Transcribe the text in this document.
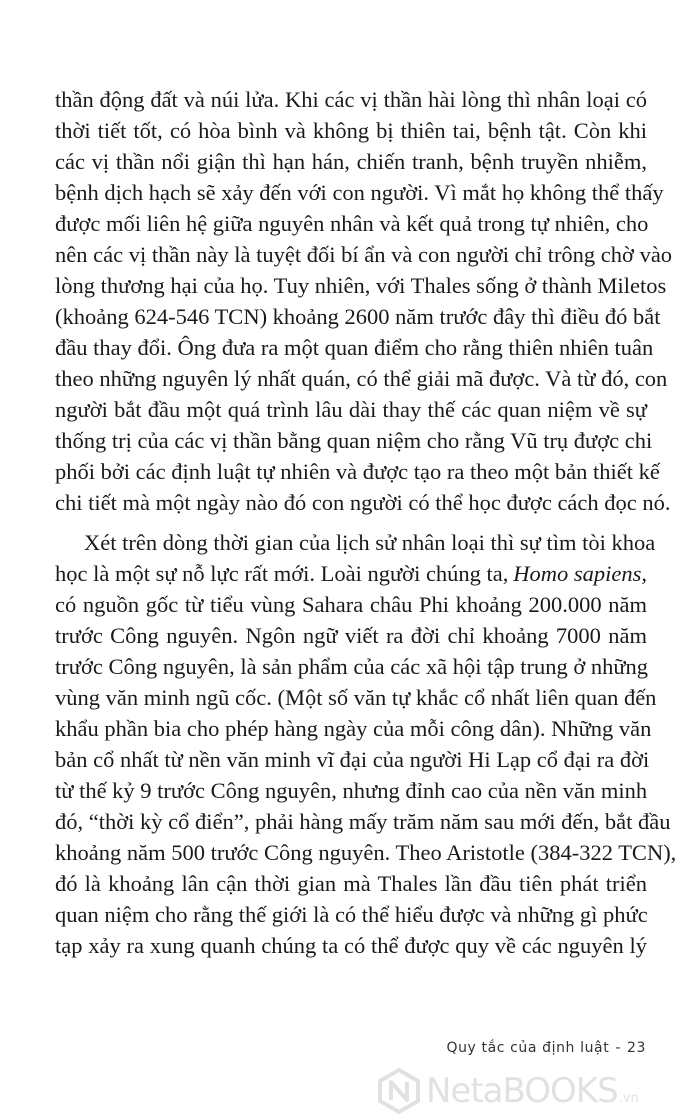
thần động đất và núi lửa. Khi các vị thần hài lòng thì nhân loại có
thời tiết tốt, có hòa bình và không bị thiên tai, bệnh tật. Còn khi
các vị thần nổi giận thì hạn hán, chiến tranh, bệnh truyền nhiễm,
bệnh dịch hạch sẽ xảy đến với con người. Vì mắt họ không thể thấy
được mối liên hệ giữa nguyên nhân và kết quả trong tự nhiên, cho
nên các vị thần này là tuyệt đối bí ẩn và con người chỉ trông chờ vào
lòng thương hại của họ. Tuy nhiên, với Thales sống ở thành Miletos
(khoảng 624-546 TCN) khoảng 2600 năm trước đây thì điều đó bắt
đầu thay đổi. Ông đưa ra một quan điểm cho rằng thiên nhiên tuân
theo những nguyên lý nhất quán, có thể giải mã được. Và từ đó, con
người bắt đầu một quá trình lâu dài thay thế các quan niệm về sự
thống trị của các vị thần bằng quan niệm cho rằng Vũ trụ được chi
phối bởi các định luật tự nhiên và được tạo ra theo một bản thiết kế
chi tiết mà một ngày nào đó con người có thể học được cách đọc nó.
Xét trên dòng thời gian của lịch sử nhân loại thì sự tìm tòi khoa
học là một sự nỗ lực rất mới. Loài người chúng ta, Homo sapiens,
có nguồn gốc từ tiểu vùng Sahara châu Phi khoảng 200.000 năm
trước Công nguyên. Ngôn ngữ viết ra đời chỉ khoảng 7000 năm
trước Công nguyên, là sản phẩm của các xã hội tập trung ở những
vùng văn minh ngũ cốc. (Một số văn tự khắc cổ nhất liên quan đến
khẩu phần bia cho phép hàng ngày của mỗi công dân). Những văn
bản cổ nhất từ nền văn minh vĩ đại của người Hi Lạp cổ đại ra đời
từ thế kỷ 9 trước Công nguyên, nhưng đỉnh cao của nền văn minh
đó, “thời kỳ cổ điển”, phải hàng mấy trăm năm sau mới đến, bắt đầu
khoảng năm 500 trước Công nguyên. Theo Aristotle (384-322 TCN),
đó là khoảng lân cận thời gian mà Thales lần đầu tiên phát triển
quan niệm cho rằng thế giới là có thể hiểu được và những gì phức
tạp xảy ra xung quanh chúng ta có thể được quy về các nguyên lý
Quy tắc của định luật - 23
NetaBOOKS .vn
